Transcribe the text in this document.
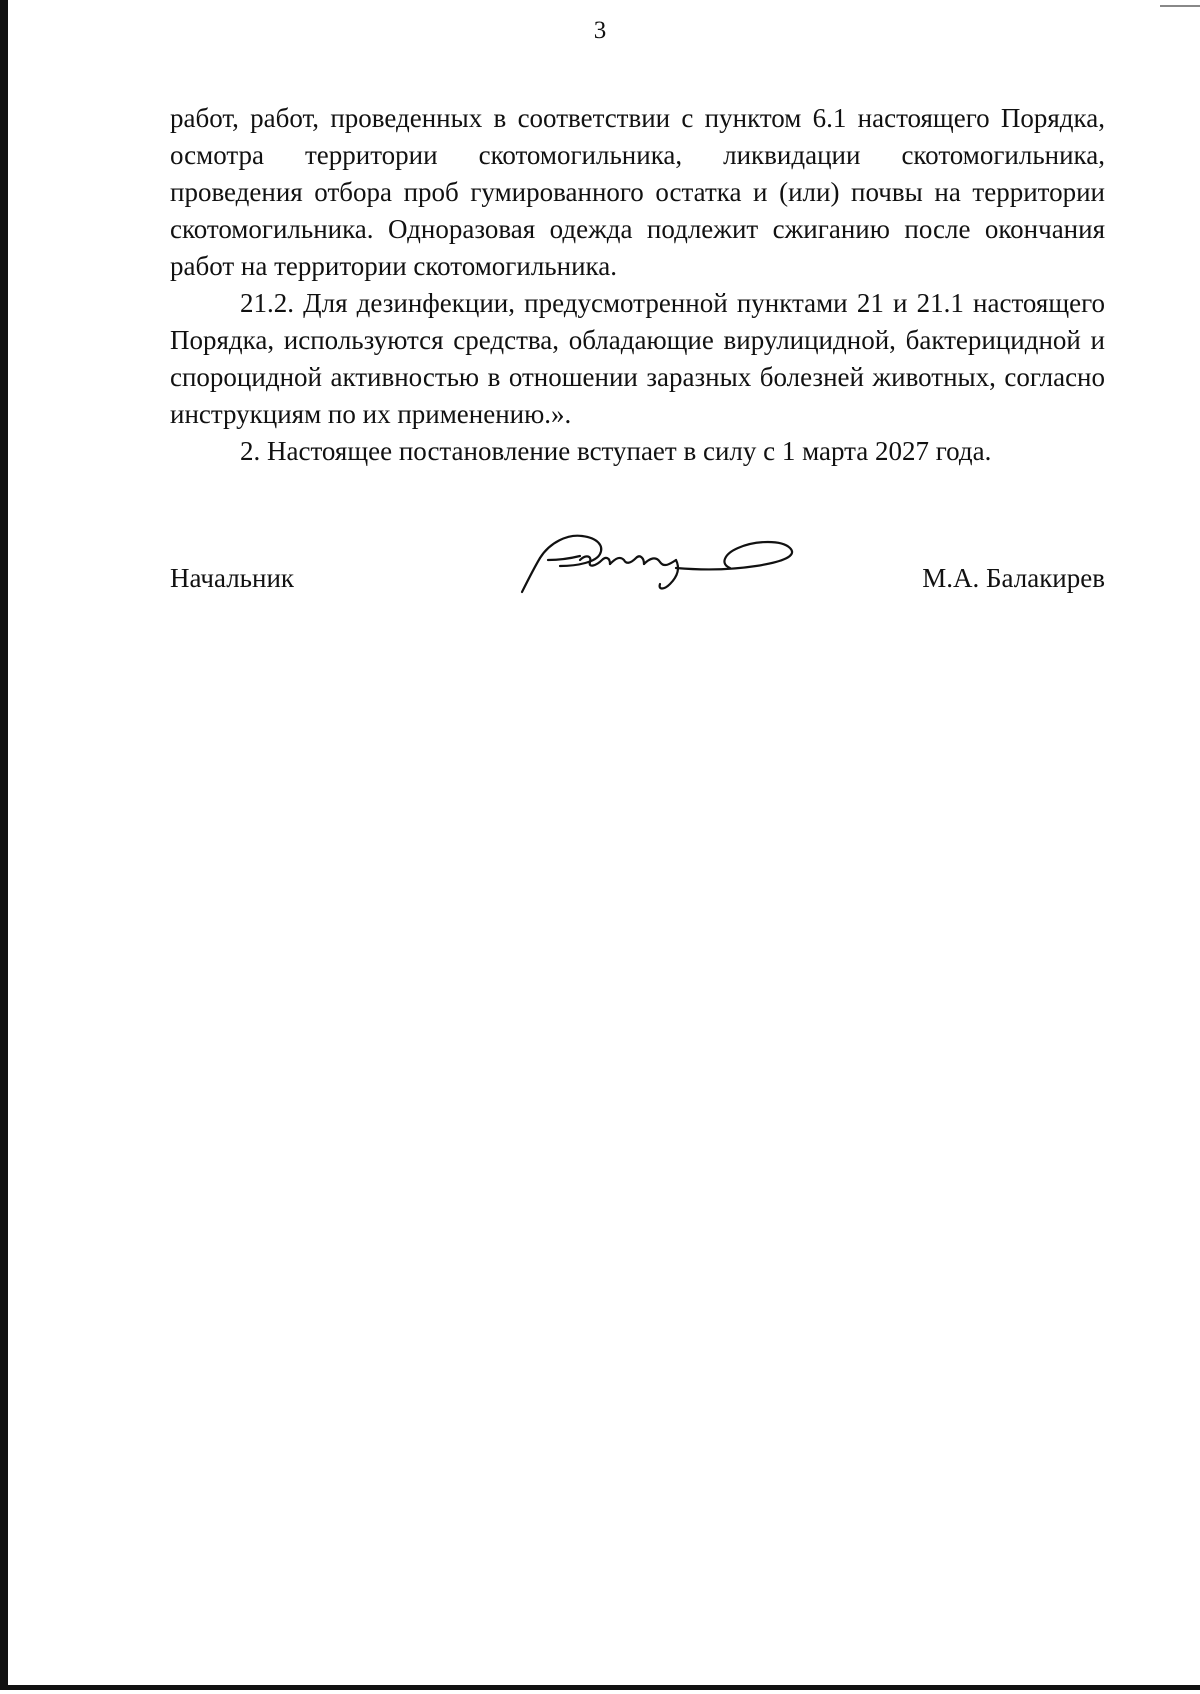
3

работ, работ, проведенных в соответствии с пунктом 6.1 настоящего Порядка, осмотра территории скотомогильника, ликвидации скотомогильника, проведения отбора проб гумированного остатка и (или) почвы на территории скотомогильника. Одноразовая одежда подлежит сжиганию после окончания работ на территории скотомогильника.

21.2. Для дезинфекции, предусмотренной пунктами 21 и 21.1 настоящего Порядка, используются средства, обладающие вирулицидной, бактерицидной и спороцидной активностью в отношении заразных болезней животных, согласно инструкциям по их применению.».

2. Настоящее постановление вступает в силу с 1 марта 2027 года.

Начальник	М.А. Балакирев
